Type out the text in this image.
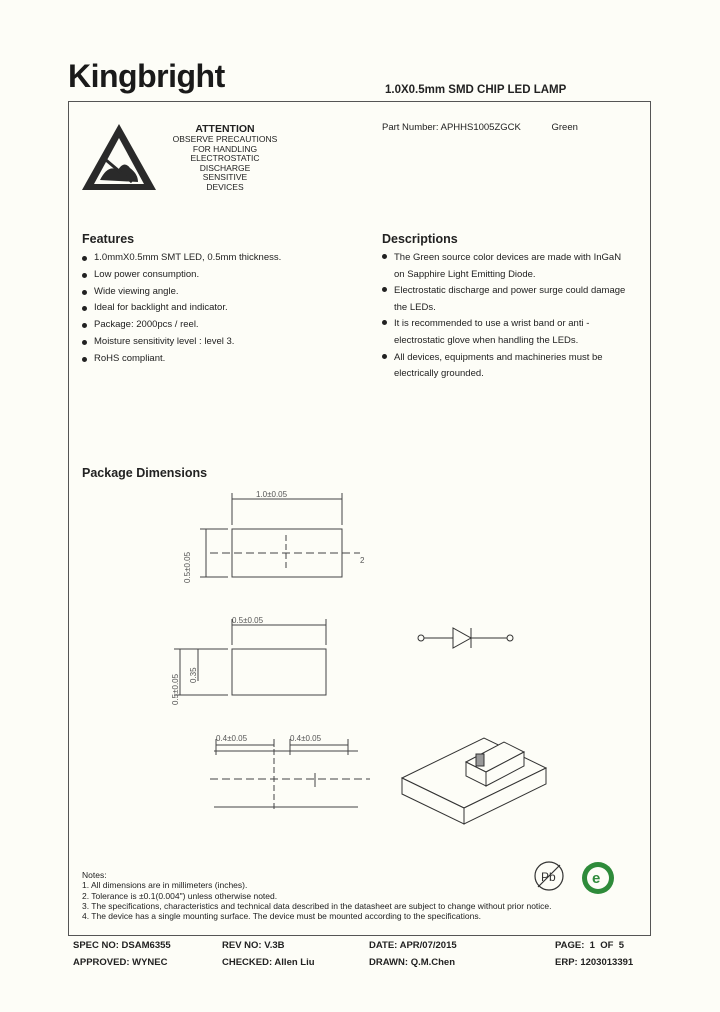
Kingbright	1.0X0.5mm SMD CHIP LED LAMP
ATTENTION
OBSERVE PRECAUTIONS
FOR HANDLING
ELECTROSTATIC
DISCHARGE
SENSITIVE
DEVICES
Part Number: APHHS1005ZGCK	Green
Features
1.0mmX0.5mm SMT LED, 0.5mm thickness.
Low power consumption.
Wide viewing angle.
Ideal for backlight and indicator.
Package: 2000pcs / reel.
Moisture sensitivity level : level 3.
RoHS compliant.
Descriptions
The Green source color devices are made with InGaN
on Sapphire Light Emitting Diode.
Electrostatic discharge and power surge could damage
the LEDs.
It is recommended to use a wrist band or anti -
electrostatic glove when handling the LEDs.
All devices, equipments and machineries must be
electrically grounded.
Package Dimensions
1.0±0.05
2
0.5±0.05
0.4±0.05	0.4±0.05
0.5±0.05
0.5±0.05 0.35
Notes:
1. All dimensions are in millimeters (inches).
2. Tolerance is ±0.1(0.004") unless otherwise noted.
3. The specifications, characteristics and technical data described in the datasheet are subject to change without prior notice.
4. The device has a single mounting surface. The device must be mounted according to the specifications.
Pb e
SPEC NO: DSAM6355	REV NO: V.3B	DATE: APR/07/2015	PAGE:  1  OF  5
APPROVED: WYNEC	CHECKED: Allen Liu	DRAWN: Q.M.Chen	ERP: 1203013391
